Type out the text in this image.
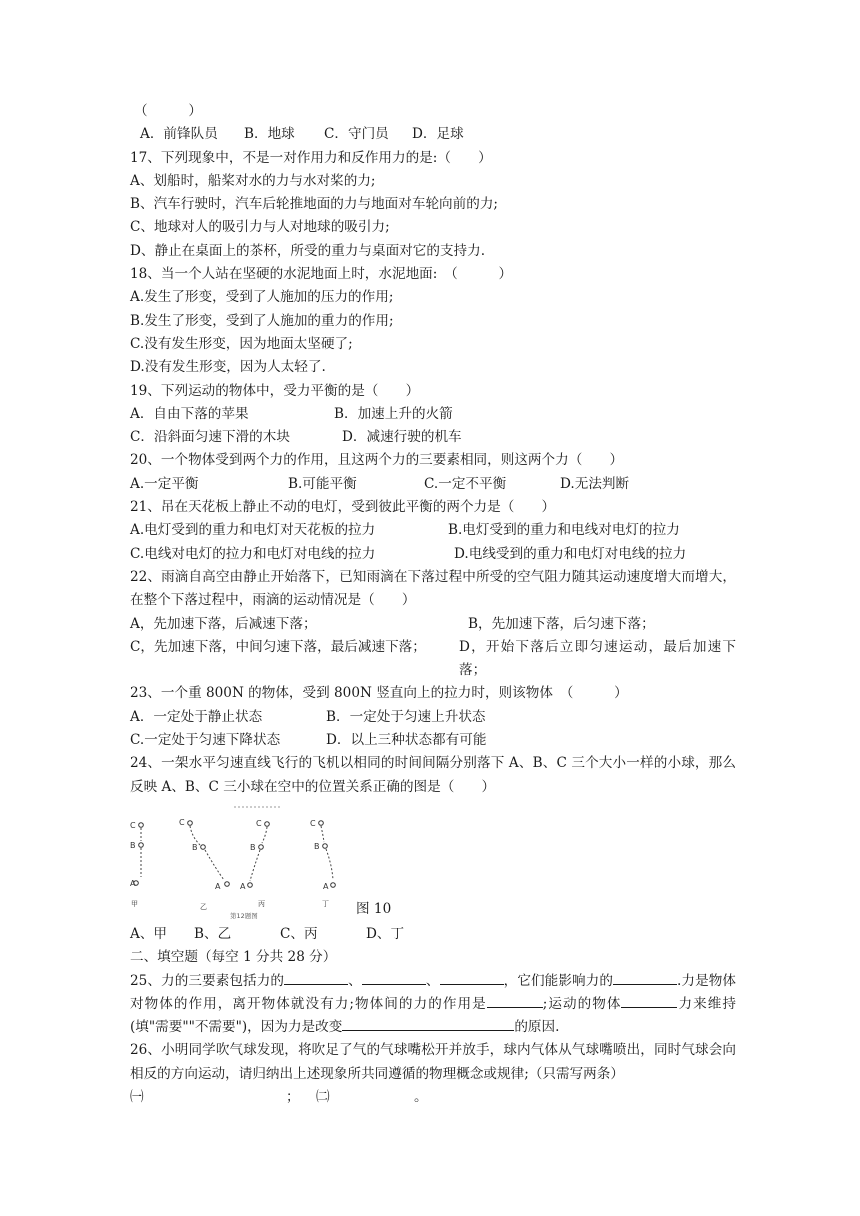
（　　　）
A．前锋队员 B．地球 C．守门员 D．足球
17、下列现象中，不是一对作用力和反作用力的是:（　　）
A、划船时，船桨对水的力与水对桨的力;
B、汽车行驶时，汽车后轮推地面的力与地面对车轮向前的力;
C、地球对人的吸引力与人对地球的吸引力;
D、静止在桌面上的茶杯，所受的重力与桌面对它的支持力.
18、当一个人站在坚硬的水泥地面上时，水泥地面:　（　　　）
A.发生了形变，受到了人施加的压力的作用;
B.发生了形变，受到了人施加的重力的作用;
C.没有发生形变，因为地面太坚硬了;
D.没有发生形变，因为人太轻了.
19、下列运动的物体中，受力平衡的是（　　）
A．自由下落的苹果	B．加速上升的火箭
C．沿斜面匀速下滑的木块	D．减速行驶的机车
20、一个物体受到两个力的作用，且这两个力的三要素相同，则这两个力（　　）
A.一定平衡	B.可能平衡	C.一定不平衡	D.无法判断
21、吊在天花板上静止不动的电灯，受到彼此平衡的两个力是（　　）
A.电灯受到的重力和电灯对天花板的拉力	B.电灯受到的重力和电线对电灯的拉力
C.电线对电灯的拉力和电灯对电线的拉力	D.电线受到的重力和电灯对电线的拉力
22、雨滴自高空由静止开始落下，已知雨滴在下落过程中所受的空气阻力随其运动速度增大而增大，在整个下落过程中，雨滴的运动情况是（　　）
A，先加速下落，后减速下落；	B，先加速下落，后匀速下落；
C，先加速下落，中间匀速下落，最后减速下落；	D，开始下落后立即匀速运动，最后加速下落；
23、一个重 800N 的物体，受到 800N 竖直向上的拉力时，则该物体　（　　　）
A．一定处于静止状态	B．一定处于匀速上升状态
C.一定处于匀速下降状态	D．以上三种状态都有可能
24、一架水平匀速直线飞行的飞机以相同的时间间隔分别落下 A、B、C 三个大小一样的小球，那么反映 A、B、C 三小球在空中的位置关系正确的图是（　　）
C
B
A
甲
C
B
A
乙
C
B
A
丙
第12题图
C
B
A
丁 图 10
A、甲 B、乙	C、丙	D、丁
二、填空题（每空 1 分共 28 分）
25、力的三要素包括力的	、	、	，它们能影响力的	.力是物体对物体的作用，离开物体就没有力;物体间的力的作用是	;运动的物体	力来维持(填"需要""不需要")，因为力是改变	的原因.
26、小明同学吹气球发现，将吹足了气的气球嘴松开并放手，球内气体从气球嘴喷出，同时气球会向相反的方向运动，请归纳出上述现象所共同遵循的物理概念或规律;（只需写两条）
㈠	； ㈡	。
